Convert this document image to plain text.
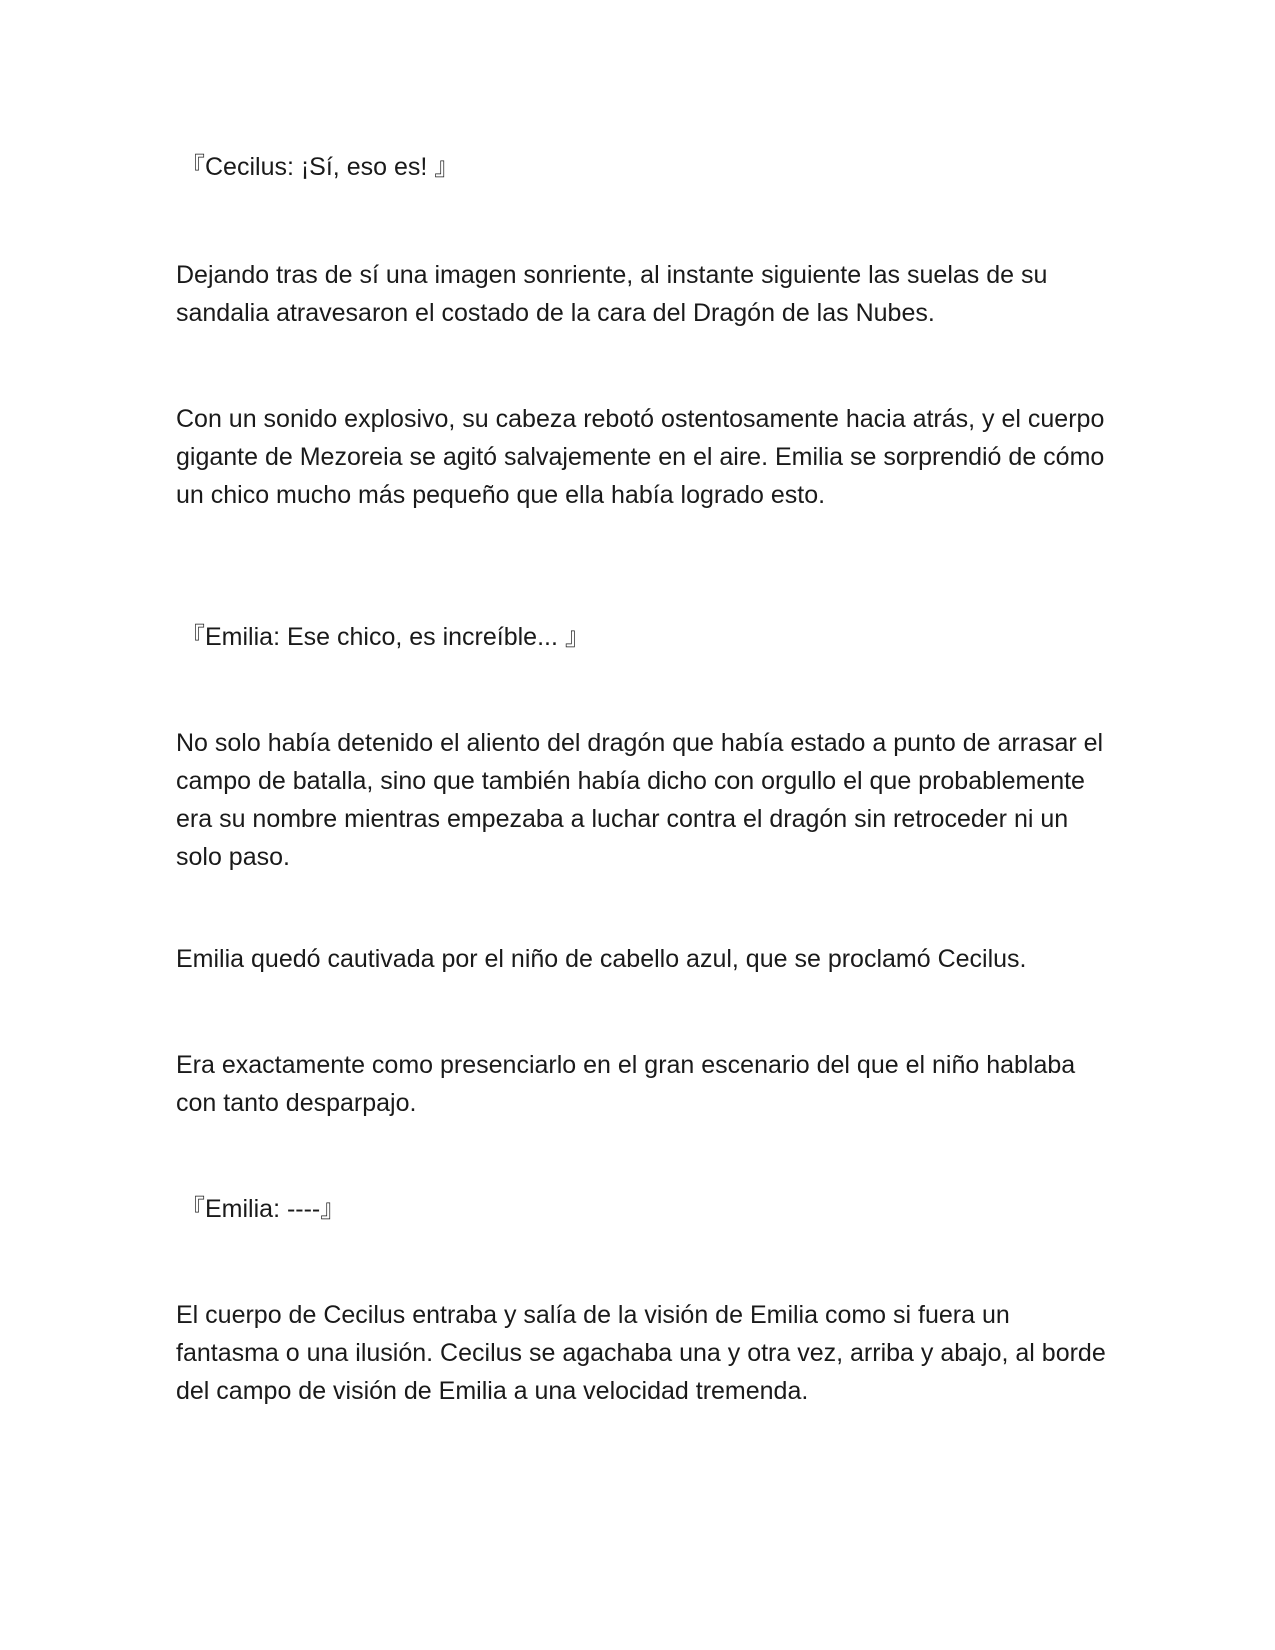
『Cecilus: ¡Sí, eso es! 』

Dejando tras de sí una imagen sonriente, al instante siguiente las suelas de su sandalia atravesaron el costado de la cara del Dragón de las Nubes.

Con un sonido explosivo, su cabeza rebotó ostentosamente hacia atrás, y el cuerpo gigante de Mezoreia se agitó salvajemente en el aire. Emilia se sorprendió de cómo un chico mucho más pequeño que ella había logrado esto.

『Emilia: Ese chico, es increíble... 』

No solo había detenido el aliento del dragón que había estado a punto de arrasar el campo de batalla, sino que también había dicho con orgullo el que probablemente era su nombre mientras empezaba a luchar contra el dragón sin retroceder ni un solo paso.

Emilia quedó cautivada por el niño de cabello azul, que se proclamó Cecilus.

Era exactamente como presenciarlo en el gran escenario del que el niño hablaba con tanto desparpajo.

『Emilia: ----』

El cuerpo de Cecilus entraba y salía de la visión de Emilia como si fuera un fantasma o una ilusión. Cecilus se agachaba una y otra vez, arriba y abajo, al borde del campo de visión de Emilia a una velocidad tremenda.
